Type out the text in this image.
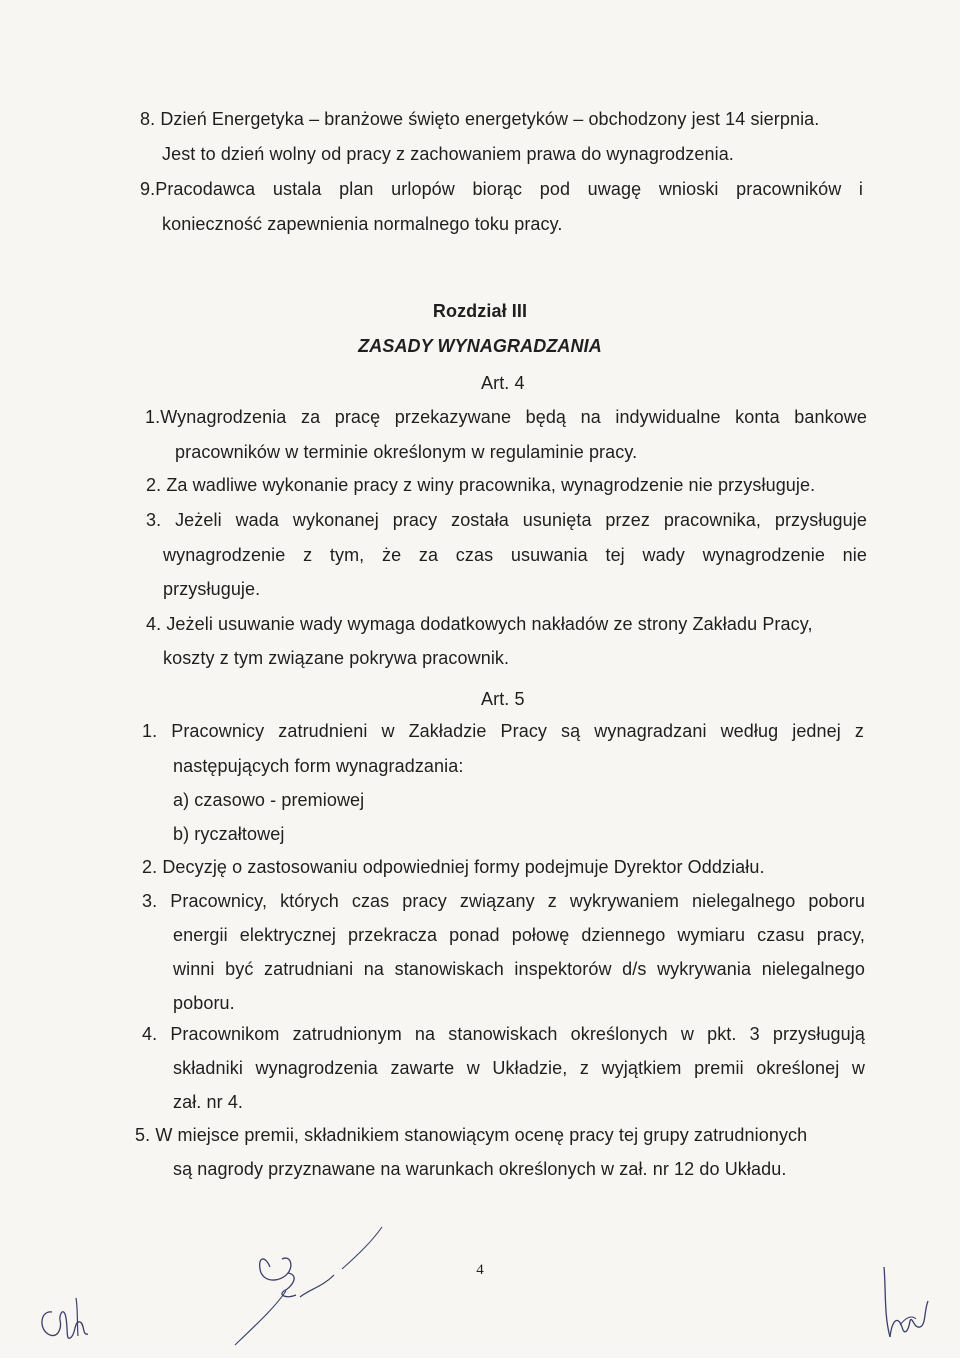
8. Dzień Energetyka – branżowe święto energetyków – obchodzony jest 14 sierpnia.
Jest to dzień wolny od pracy z zachowaniem prawa do wynagrodzenia.
9.Pracodawca ustala plan urlopów biorąc pod uwagę wnioski pracowników i
konieczność zapewnienia normalnego toku pracy.
Rozdział III
ZASADY WYNAGRADZANIA
Art. 4
1.Wynagrodzenia za pracę przekazywane będą na indywidualne konta bankowe
pracowników w terminie określonym w regulaminie pracy.
2. Za wadliwe wykonanie pracy z winy pracownika, wynagrodzenie nie przysługuje.
3. Jeżeli wada wykonanej pracy została usunięta przez pracownika, przysługuje
wynagrodzenie z tym, że za czas usuwania tej wady wynagrodzenie nie
przysługuje.
4. Jeżeli usuwanie wady wymaga dodatkowych nakładów ze strony Zakładu Pracy,
koszty z tym związane pokrywa pracownik.
Art. 5
1. Pracownicy zatrudnieni w Zakładzie Pracy są wynagradzani według jednej z
następujących form wynagradzania:
a) czasowo - premiowej
b) ryczałtowej
2. Decyzję o zastosowaniu odpowiedniej formy podejmuje Dyrektor Oddziału.
3. Pracownicy, których czas pracy związany z wykrywaniem nielegalnego poboru
energii elektrycznej przekracza ponad połowę dziennego wymiaru czasu pracy,
winni być zatrudniani na stanowiskach inspektorów d/s wykrywania nielegalnego
poboru.
4. Pracownikom zatrudnionym na stanowiskach określonych w pkt. 3 przysługują
składniki wynagrodzenia zawarte w Układzie, z wyjątkiem premii określonej w
zał. nr 4.
5. W miejsce premii, składnikiem stanowiącym ocenę pracy tej grupy zatrudnionych
są nagrody przyznawane na warunkach określonych w zał. nr 12 do Układu.
4
